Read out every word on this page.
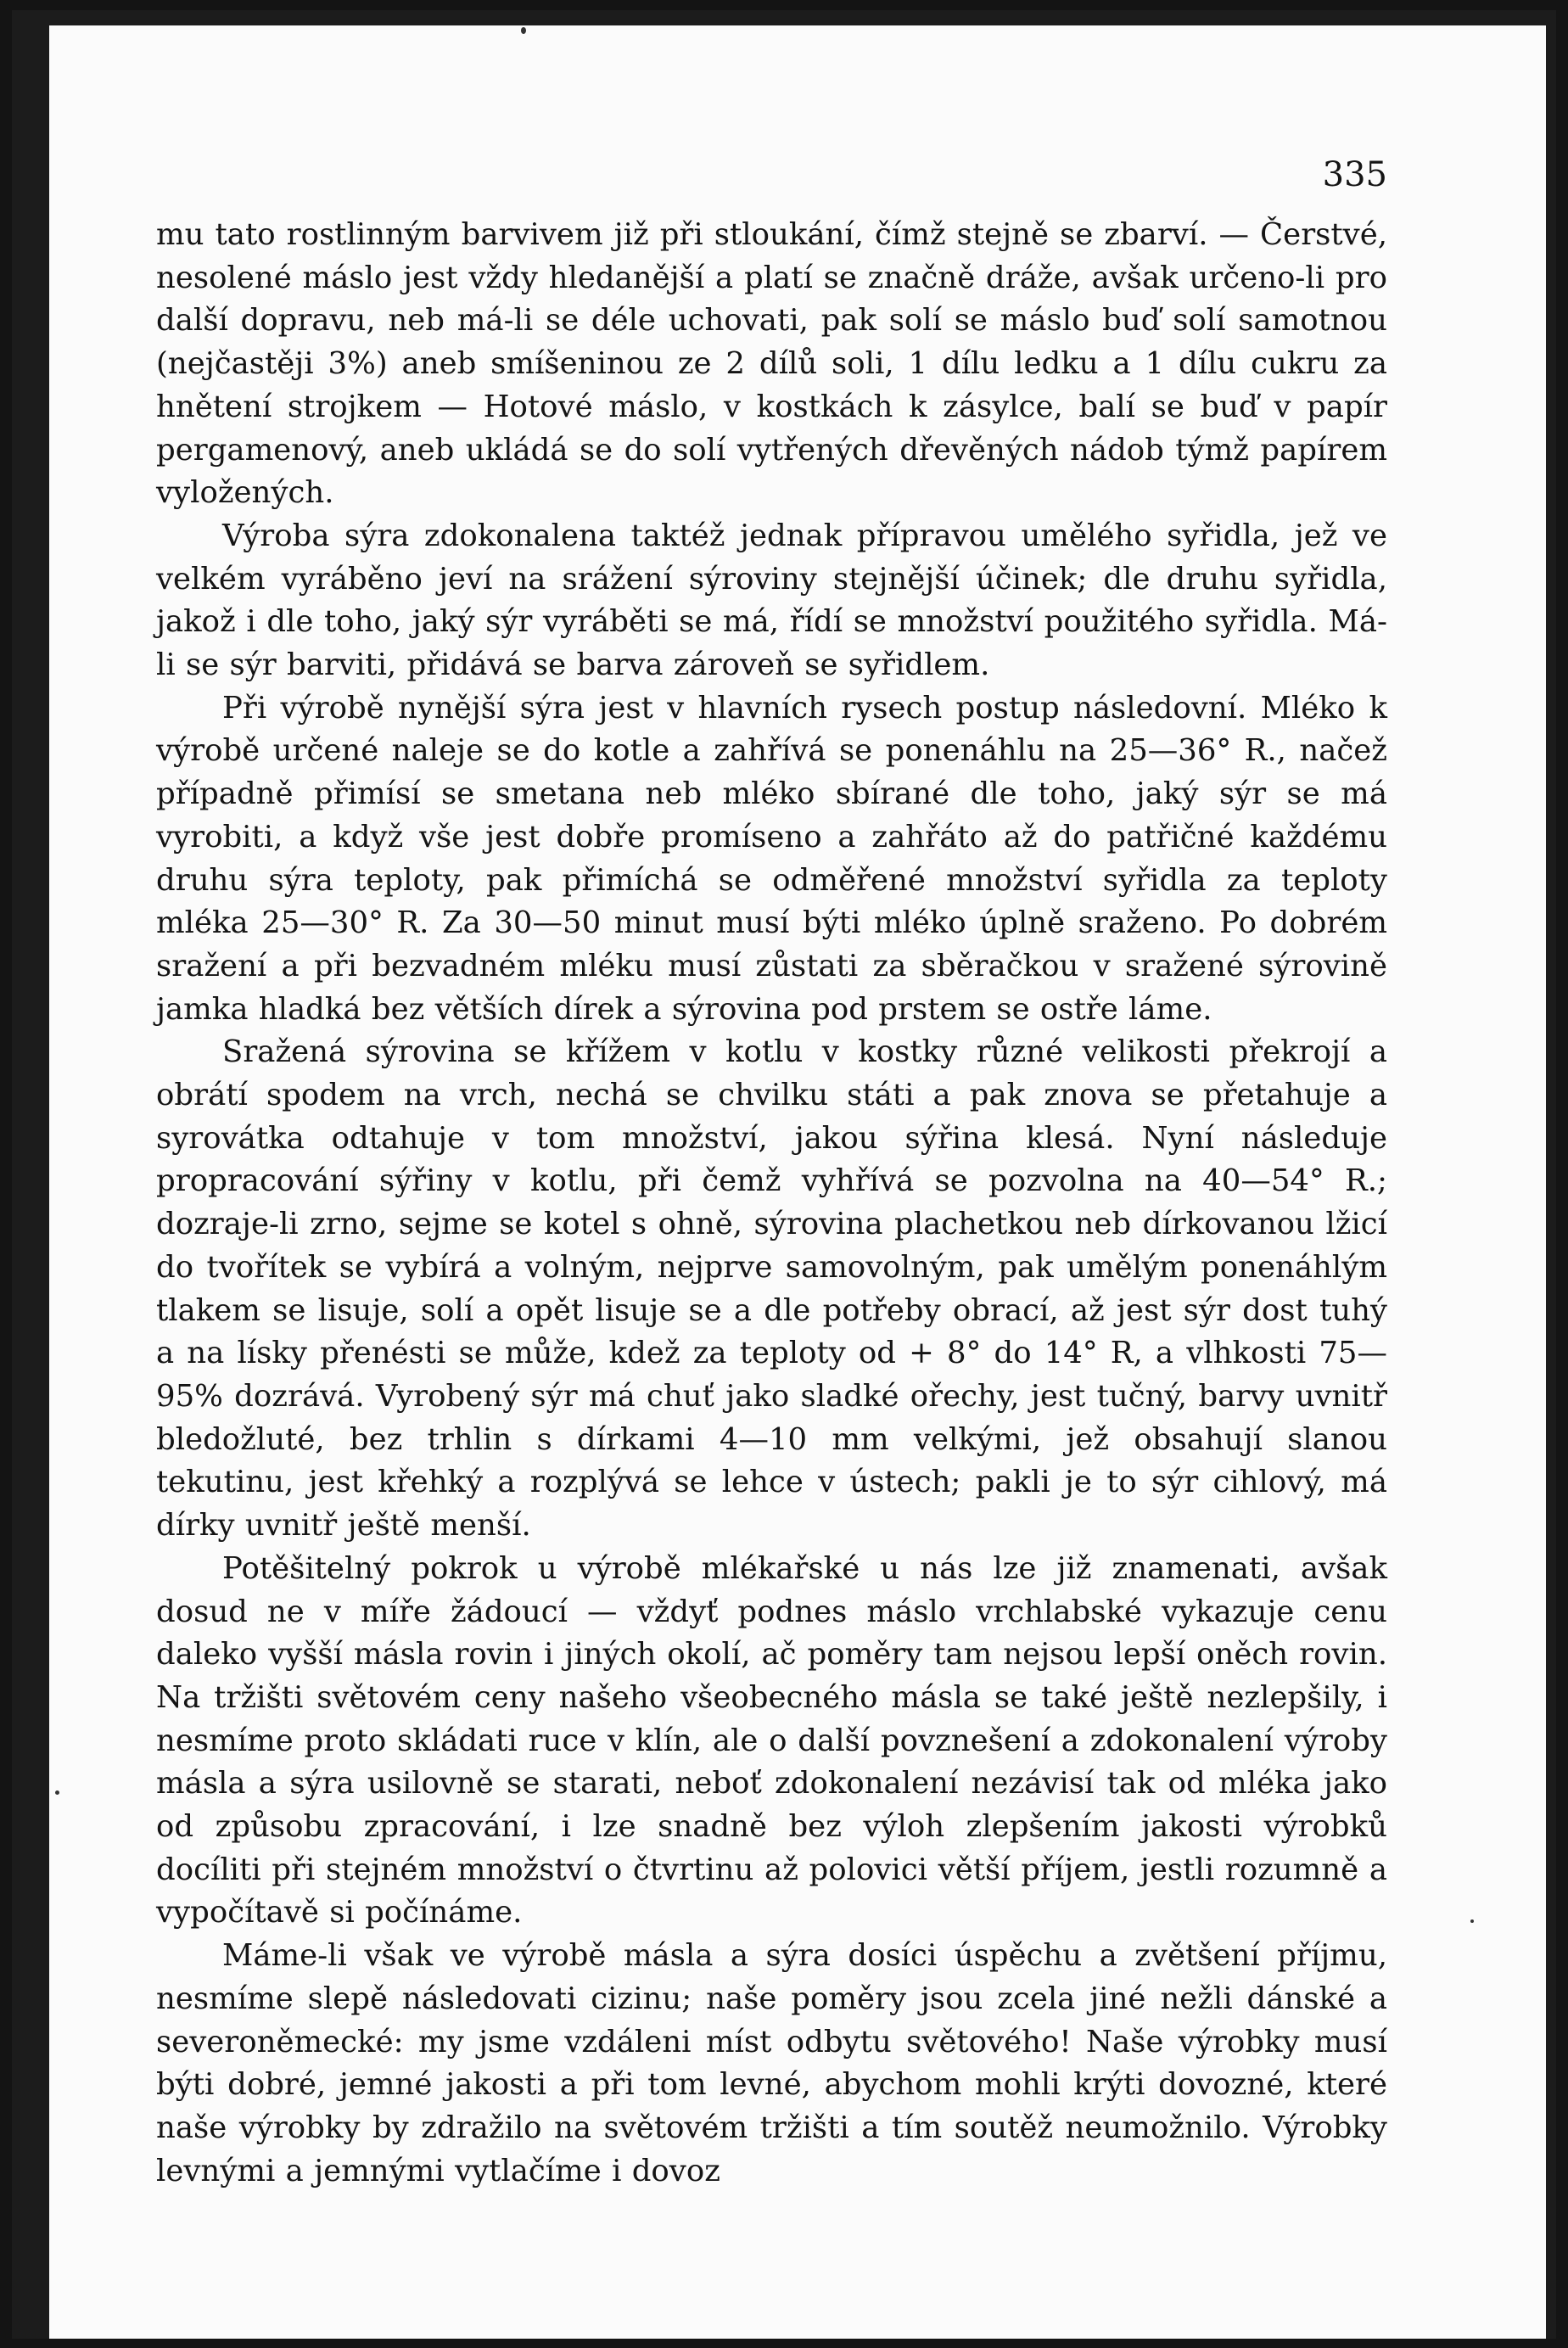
335

mu tato rostlinným barvivem již při stloukání, čímž stejně se zbarví. — Čerstvé, nesolené máslo jest vždy hledanější a platí se značně dráže, avšak určeno-li pro další dopravu, neb má-li se déle uchovati, pak solí se máslo buď solí samotnou (nejčastěji 3%) aneb smíšeninou ze 2 dílů soli, 1 dílu ledku a 1 dílu cukru za hnětení strojkem — Hotové máslo, v kostkách k zásylce, balí se buď v papír pergamenový, aneb ukládá se do solí vytřených dřevěných nádob týmž papírem vyložených.

Výroba sýra zdokonalena taktéž jednak přípravou umělého syřidla, jež ve velkém vyráběno jeví na srážení sýroviny stejnější účinek; dle druhu syřidla, jakož i dle toho, jaký sýr vyráběti se má, řídí se množství použitého syřidla. Má-li se sýr barviti, přidává se barva zároveň se syřidlem.

Při výrobě nynější sýra jest v hlavních rysech postup následovní. Mléko k výrobě určené naleje se do kotle a zahřívá se ponenáhlu na 25—36° R., načež případně přimísí se smetana neb mléko sbírané dle toho, jaký sýr se má vyrobiti, a když vše jest dobře promíseno a zahřáto až do patřičné každému druhu sýra teploty, pak přimíchá se odměřené množství syřidla za teploty mléka 25—30° R. Za 30—50 minut musí býti mléko úplně sraženo. Po dobrém sražení a při bezvadném mléku musí zůstati za sběračkou v sražené sýrovině jamka hladká bez větších dírek a sýrovina pod prstem se ostře láme.

Sražená sýrovina se křížem v kotlu v kostky různé velikosti překrojí a obrátí spodem na vrch, nechá se chvilku státi a pak znova se přetahuje a syrovátka odtahuje v tom množství, jakou sýřina klesá. Nyní následuje propracování sýřiny v kotlu, při čemž vyhřívá se pozvolna na 40—54° R.; dozraje-li zrno, sejme se kotel s ohně, sýrovina plachetkou neb dírkovanou lžicí do tvořítek se vybírá a volným, nejprve samovolným, pak umělým ponenáhlým tlakem se lisuje, solí a opět lisuje se a dle potřeby obrací, až jest sýr dost tuhý a na lísky přenésti se může, kdež za teploty od + 8° do 14° R, a vlhkosti 75—95% dozrává. Vyrobený sýr má chuť jako sladké ořechy, jest tučný, barvy uvnitř bledožluté, bez trhlin s dírkami 4—10 mm velkými, jež obsahují slanou tekutinu, jest křehký a rozplývá se lehce v ústech; pakli je to sýr cihlový, má dírky uvnitř ještě menší.

Potěšitelný pokrok u výrobě mlékařské u nás lze již znamenati, avšak dosud ne v míře žádoucí — vždyť podnes máslo vrchlabské vykazuje cenu daleko vyšší másla rovin i jiných okolí, ač poměry tam nejsou lepší oněch rovin. Na tržišti světovém ceny našeho všeobecného másla se také ještě nezlepšily, i nesmíme proto skládati ruce v klín, ale o další povznešení a zdokonalení výroby másla a sýra usilovně se starati, neboť zdokonalení nezávisí tak od mléka jako od způsobu zpracování, i lze snadně bez výloh zlepšením jakosti výrobků docíliti při stejném množství o čtvrtinu až polovici větší příjem, jestli rozumně a vypočítavě si počínáme.

Máme-li však ve výrobě másla a sýra dosíci úspěchu a zvětšení příjmu, nesmíme slepě následovati cizinu; naše poměry jsou zcela jiné nežli dánské a severoněmecké: my jsme vzdáleni míst odbytu světového! Naše výrobky musí býti dobré, jemné jakosti a při tom levné, abychom mohli krýti dovozné, které naše výrobky by zdražilo na světovém tržišti a tím soutěž neumožnilo. Výrobky levnými a jemnými vytlačíme i dovoz
